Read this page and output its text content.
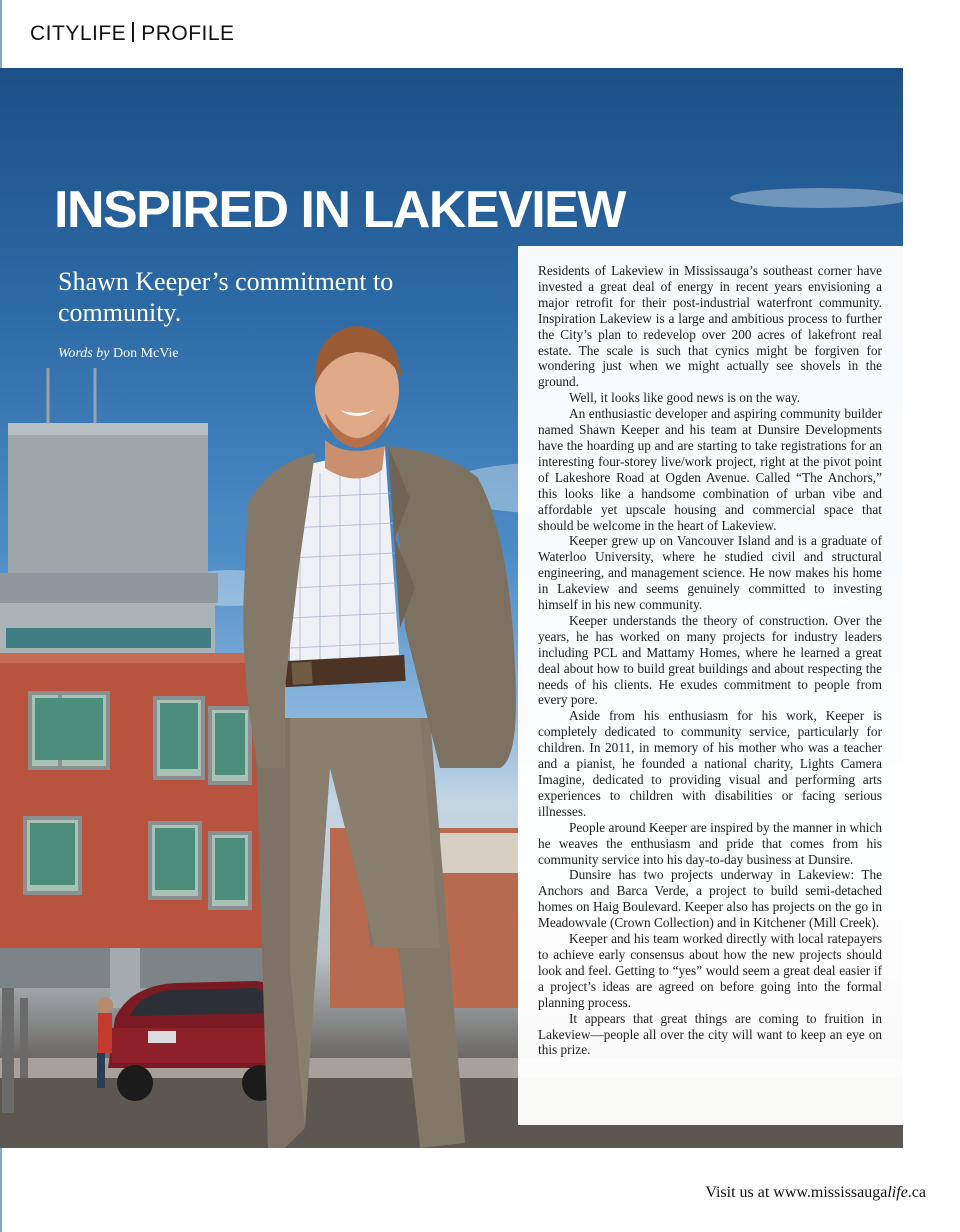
CITYLIFE PROFILE
INSPIRED IN LAKEVIEW
Shawn Keeper’s commitment to community.
Words by Don McVie

Residents of Lakeview in Mississauga’s southeast corner have invested a great deal of energy in recent years envisioning a major retrofit for their post-industrial waterfront community. Inspiration Lakeview is a large and ambitious process to further the City’s plan to redevelop over 200 acres of lakefront real estate. The scale is such that cynics might be forgiven for wondering just when we might actually see shovels in the ground.

Well, it looks like good news is on the way.

An enthusiastic developer and aspiring community builder named Shawn Keeper and his team at Dunsire Developments have the hoarding up and are starting to take registrations for an interesting four-storey live/work project, right at the pivot point of Lakeshore Road at Ogden Avenue. Called “The Anchors,” this looks like a handsome combination of urban vibe and affordable yet upscale housing and commercial space that should be welcome in the heart of Lakeview.

Keeper grew up on Vancouver Island and is a graduate of Waterloo University, where he studied civil and structural engineering, and management science. He now makes his home in Lakeview and seems genuinely committed to investing himself in his new community.

Keeper understands the theory of construction. Over the years, he has worked on many projects for industry leaders including PCL and Mattamy Homes, where he learned a great deal about how to build great buildings and about respecting the needs of his clients. He exudes commitment to people from every pore.

Aside from his enthusiasm for his work, Keeper is completely dedicated to community service, particularly for children. In 2011, in memory of his mother who was a teacher and a pianist, he founded a national charity, Lights Camera Imagine, dedicated to providing visual and performing arts experiences to children with disabilities or facing serious illnesses.

People around Keeper are inspired by the manner in which he weaves the enthusiasm and pride that comes from his community service into his day-to-day business at Dunsire.

Dunsire has two projects underway in Lakeview: The Anchors and Barca Verde, a project to build semi-detached homes on Haig Boulevard. Keeper also has projects on the go in Meadowvale (Crown Collection) and in Kitchener (Mill Creek).

Keeper and his team worked directly with local ratepayers to achieve early consensus about how the new projects should look and feel. Getting to “yes” would seem a great deal easier if a project’s ideas are agreed on before going into the formal planning process.

It appears that great things are coming to fruition in Lakeview—people all over the city will want to keep an eye on this prize.

Visit us at www.mississaugalife.ca
